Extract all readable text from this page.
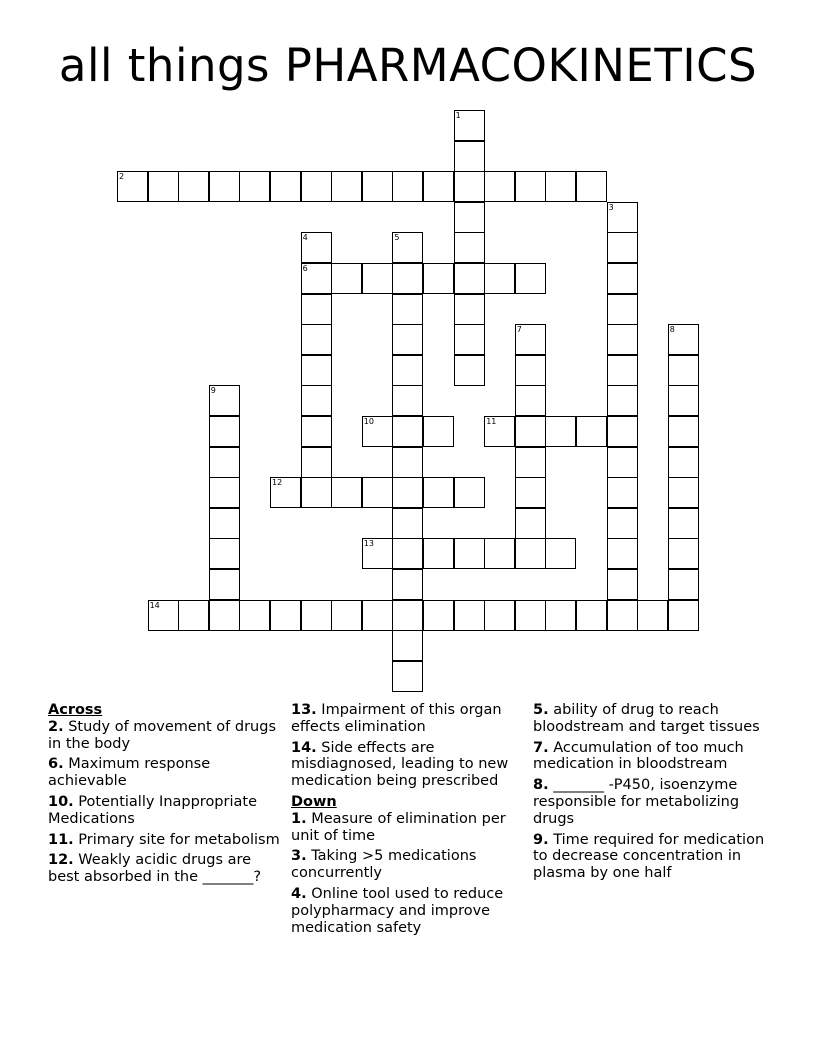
all things PHARMACOKINETICS
1
2
3
4
6
5
7	8
9
10	11
12
13
14
Across
2. Study of movement of drugs in the body
6. Maximum response achievable
10. Potentially Inappropriate Medications
11. Primary site for metabolism
12. Weakly acidic drugs are best absorbed in the _______?
13. Impairment of this organ effects elimination
14. Side effects are misdiagnosed, leading to new medication being prescribed
Down
1. Measure of elimination per unit of time
3. Taking >5 medications concurrently
4. Online tool used to reduce polypharmacy and improve medication safety
5. ability of drug to reach bloodstream and target tissues
7. Accumulation of too much medication in bloodstream
8. _______ -P450, isoenzyme responsible for metabolizing drugs
9. Time required for medication to decrease concentration in plasma by one half
